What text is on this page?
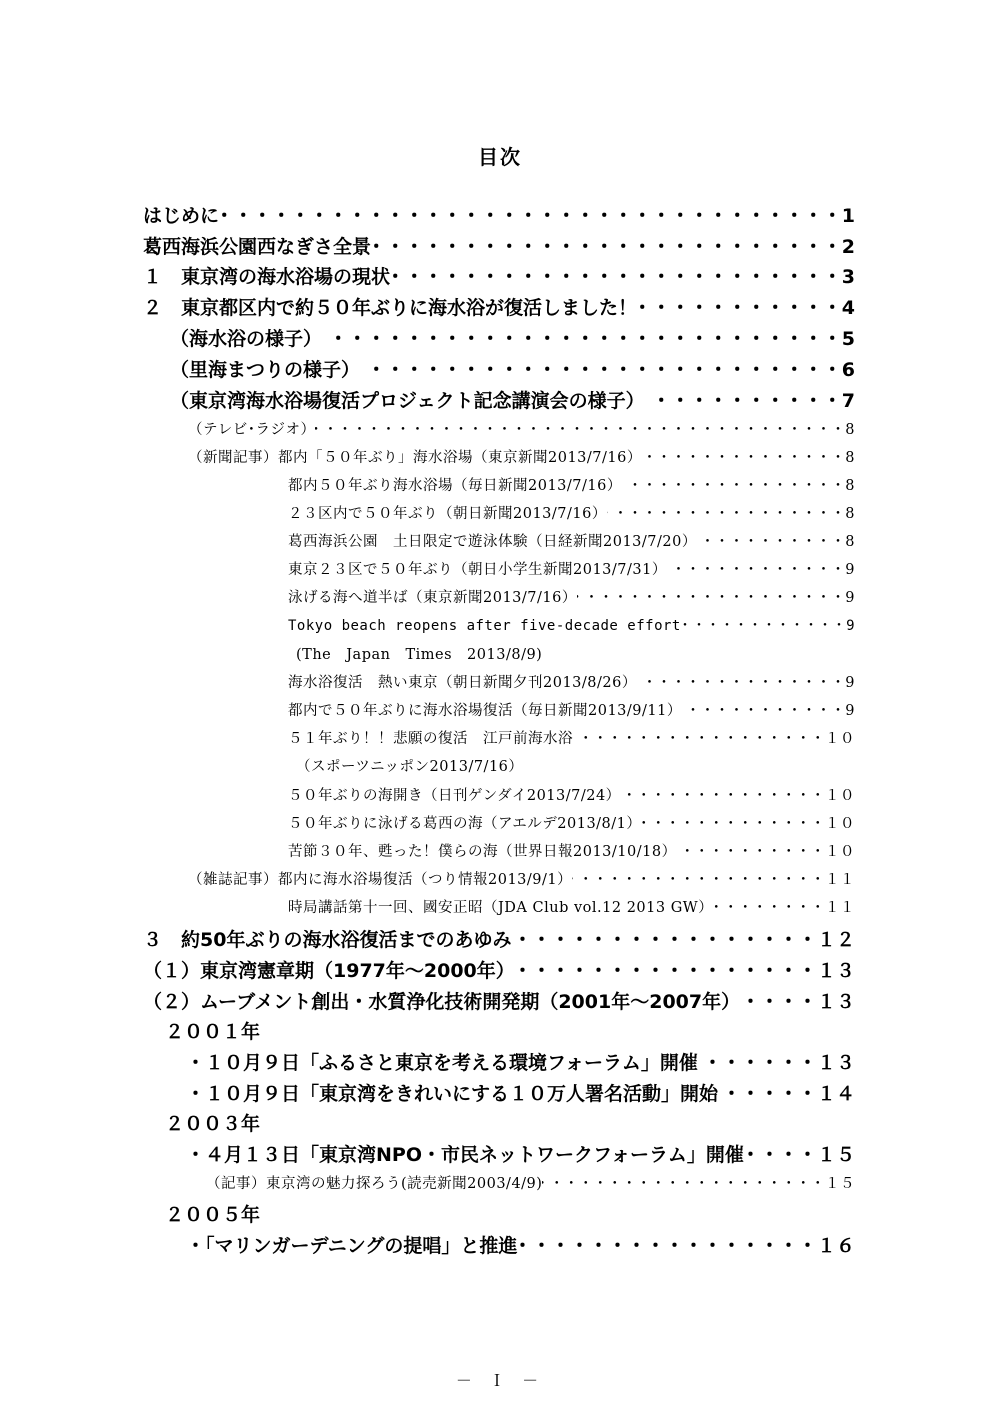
目次
はじめに ・・・・・・・・・・・・・・・・・・・・・・・・・・・・・・・・・・・・・・・・・・・・・・・・・・・・・・・・・・・・	1
葛西海浜公園西なぎさ全景 ・・・・・・・・・・・・・・・・・・・・・・・・・・・・・・・・・・・・・・・・・・・・・・・・・・・・・・・・・・・・	2
１　東京湾の海水浴場の現状 ・・・・・・・・・・・・・・・・・・・・・・・・・・・・・・・・・・・・・・・・・・・・・・・・・・・・・・・・・・・・	3
２　東京都区内で約５０年ぶりに海水浴が復活しました！ ・・・・・・・・・・・・・・・・・・・・・・・・・・・・・・・・・・・・・・・・・・・・・・・・・・・・・・・・・・・・	4
（海水浴の様子） ・・・・・・・・・・・・・・・・・・・・・・・・・・・・・・・・・・・・・・・・・・・・・・・・・・・・・・・・・・・・	5
（里海まつりの様子） ・・・・・・・・・・・・・・・・・・・・・・・・・・・・・・・・・・・・・・・・・・・・・・・・・・・・・・・・・・・・	6
（東京湾海水浴場復活プロジェクト記念講演会の様子） ・・・・・・・・・・・・・・・・・・・・・・・・・・・・・・・・・・・・・・・・・・・・・・・・・・・・・・・・・・・・	7
（テレビ･ラジオ） ・・・・・・・・・・・・・・・・・・・・・・・・・・・・・・・・・・・・・・・・・・・・・・・・・・・・・・・・・・・・	8
（新聞記事）都内「５０年ぶり」海水浴場（東京新聞2013/7/16） ・・・・・・・・・・・・・・・・・・・・・・・・・・・・・・・・・・・・・・・・・・・・・・・・・・・・・・・・・・・・	8
都内５０年ぶり海水浴場（毎日新聞2013/7/16） ・・・・・・・・・・・・・・・・・・・・・・・・・・・・・・・・・・・・・・・・・・・・・・・・・・・・・・・・・・・・	8
２３区内で５０年ぶり（朝日新聞2013/7/16） ・・・・・・・・・・・・・・・・・・・・・・・・・・・・・・・・・・・・・・・・・・・・・・・・・・・・・・・・・・・・	8
葛西海浜公園　土日限定で遊泳体験（日経新聞2013/7/20） ・・・・・・・・・・・・・・・・・・・・・・・・・・・・・・・・・・・・・・・・・・・・・・・・・・・・・・・・・・・・	8
東京２３区で５０年ぶり（朝日小学生新聞2013/7/31） ・・・・・・・・・・・・・・・・・・・・・・・・・・・・・・・・・・・・・・・・・・・・・・・・・・・・・・・・・・・・	9
泳げる海へ道半ば（東京新聞2013/7/16） ・・・・・・・・・・・・・・・・・・・・・・・・・・・・・・・・・・・・・・・・・・・・・・・・・・・・・・・・・・・・	9
Tokyo beach reopens after five-decade effort ・・・・・・・・・・・・・・・・・・・・・・・・・・・・・・・・・・・・・・・・・・・・・・・・・・・・・・・・・・・・	9
(The　Japan　Times　2013/8/9)
海水浴復活　熱い東京（朝日新聞夕刊2013/8/26） ・・・・・・・・・・・・・・・・・・・・・・・・・・・・・・・・・・・・・・・・・・・・・・・・・・・・・・・・・・・・	9
都内で５０年ぶりに海水浴場復活（毎日新聞2013/9/11） ・・・・・・・・・・・・・・・・・・・・・・・・・・・・・・・・・・・・・・・・・・・・・・・・・・・・・・・・・・・・	9
５１年ぶり！！悲願の復活　江戸前海水浴 ・・・・・・・・・・・・・・・・・・・・・・・・・・・・・・・・・・・・・・・・・・・・・・・・・・・・・・・・・・・・	１０
（スポーツニッポン2013/7/16）
５０年ぶりの海開き（日刊ゲンダイ2013/7/24） ・・・・・・・・・・・・・・・・・・・・・・・・・・・・・・・・・・・・・・・・・・・・・・・・・・・・・・・・・・・・	１０
５０年ぶりに泳げる葛西の海（アエルデ2013/8/1） ・・・・・・・・・・・・・・・・・・・・・・・・・・・・・・・・・・・・・・・・・・・・・・・・・・・・・・・・・・・・	１０
苦節３０年、甦った！僕らの海（世界日報2013/10/18） ・・・・・・・・・・・・・・・・・・・・・・・・・・・・・・・・・・・・・・・・・・・・・・・・・・・・・・・・・・・・	１０
（雑誌記事）都内に海水浴場復活（つり情報2013/9/1） ・・・・・・・・・・・・・・・・・・・・・・・・・・・・・・・・・・・・・・・・・・・・・・・・・・・・・・・・・・・・	１１
時局講話第十一回、國安正昭（JDA Club vol.12 2013 GW） ・・・・・・・・・・・・・・・・・・・・・・・・・・・・・・・・・・・・・・・・・・・・・・・・・・・・・・・・・・・・	１１
３　約50年ぶりの海水浴復活までのあゆみ ・・・・・・・・・・・・・・・・・・・・・・・・・・・・・・・・・・・・・・・・・・・・・・・・・・・・・・・・・・・・	１２
（１）東京湾憲章期（1977年～2000年） ・・・・・・・・・・・・・・・・・・・・・・・・・・・・・・・・・・・・・・・・・・・・・・・・・・・・・・・・・・・・	１３
（２）ムーブメント創出・水質浄化技術開発期（2001年～2007年） ・・・・・・・・・・・・・・・・・・・・・・・・・・・・・・・・・・・・・・・・・・・・・・・・・・・・・・・・・・・・	１３
２００１年
・１０月９日「ふるさと東京を考える環境フォーラム」開催 ・・・・・・・・・・・・・・・・・・・・・・・・・・・・・・・・・・・・・・・・・・・・・・・・・・・・・・・・・・・・	１３
・１０月９日「東京湾をきれいにする１０万人署名活動」開始 ・・・・・・・・・・・・・・・・・・・・・・・・・・・・・・・・・・・・・・・・・・・・・・・・・・・・・・・・・・・・	１４
２００３年
・４月１３日「東京湾NPO・市民ネットワークフォーラム」開催 ・・・・・・・・・・・・・・・・・・・・・・・・・・・・・・・・・・・・・・・・・・・・・・・・・・・・・・・・・・・・	１５
（記事）東京湾の魅力探ろう(読売新聞2003/4/9) ・・・・・・・・・・・・・・・・・・・・・・・・・・・・・・・・・・・・・・・・・・・・・・・・・・・・・・・・・・・・	１５
２００５年
・「マリンガーデニングの提唱」と推進 ・・・・・・・・・・・・・・・・・・・・・・・・・・・・・・・・・・・・・・・・・・・・・・・・・・・・・・・・・・・・	１６
－ Ｉ －
